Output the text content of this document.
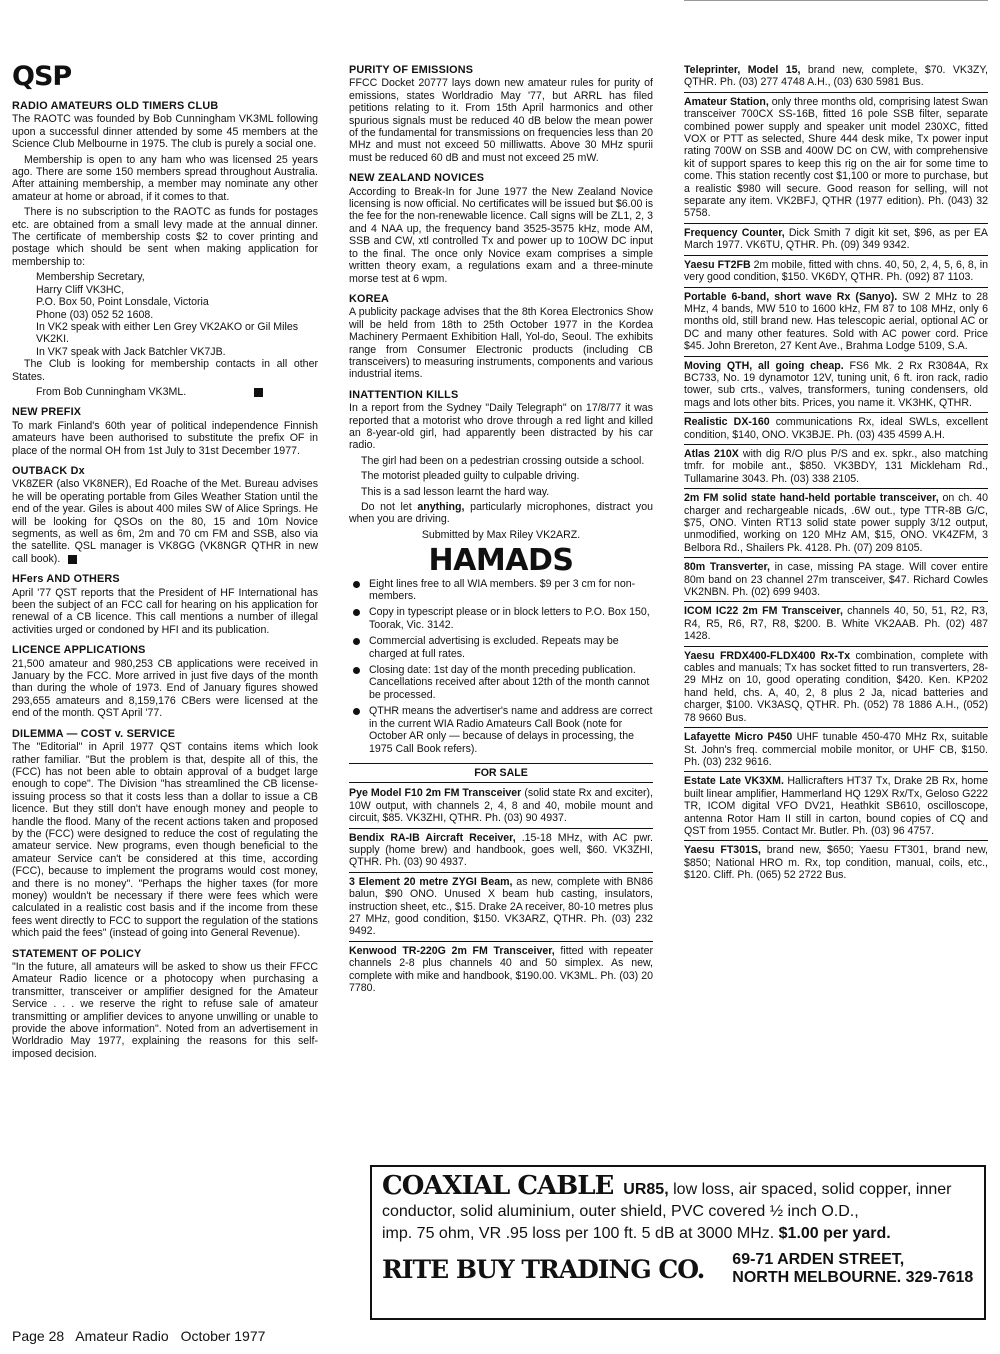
QSP
RADIO AMATEURS OLD TIMERS CLUB

The RAOTC was founded by Bob Cunningham VK3ML following upon a successful dinner attended by some 45 members at the Science Club Melbourne in 1975. The club is purely a social one.

Membership is open to any ham who was licensed 25 years ago. There are some 150 members spread throughout Australia. After attaining membership, a member may nominate any other amateur at home or abroad, if it comes to that.

There is no subscription to the RAOTC as funds for postages etc. are obtained from a small levy made at the annual dinner. The certificate of membership costs $2 to cover printing and postage which should be sent when making application for membership to:

Membership Secretary,
Harry Cliff VK3HC,
P.O. Box 50, Point Lonsdale, Victoria
Phone (03) 052 52 1608.
In VK2 speak with either Len Grey VK2AKO or Gil Miles VK2KI.
In VK7 speak with Jack Batchler VK7JB.

The Club is looking for membership contacts in all other States.

From Bob Cunningham VK3ML.

NEW PREFIX

To mark Finland's 60th year of political independence Finnish amateurs have been authorised to substitute the prefix OF in place of the normal OH from 1st July to 31st December 1977.

OUTBACK Dx

VK8ZER (also VK8NER), Ed Roache of the Met. Bureau advises he will be operating portable from Giles Weather Station until the end of the year. Giles is about 400 miles SW of Alice Springs. He will be looking for QSOs on the 80, 15 and 10m Novice segments, as well as 6m, 2m and 70 cm FM and SSB, also via the satellite. QSL manager is VK8GG (VK8NGR QTHR in new call book).

HFers AND OTHERS

April '77 QST reports that the President of HF International has been the subject of an FCC call for hearing on his application for renewal of a CB licence. This call mentions a number of illegal activities urged or condoned by HFI and its publication.

LICENCE APPLICATIONS

21,500 amateur and 980,253 CB applications were received in January by the FCC. More arrived in just five days of the month than during the whole of 1973. End of January figures showed 293,655 amateurs and 8,159,176 CBers were licensed at the end of the month. QST April '77.

DILEMMA — COST v. SERVICE

The "Editorial" in April 1977 QST contains items which look rather familiar. "But the problem is that, despite all of this, the (FCC) has not been able to obtain approval of a budget large enough to cope". The Division "has streamlined the CB license-issuing process so that it costs less than a dollar to issue a CB licence. But they still don't have enough money and people to handle the flood. Many of the recent actions taken and proposed by the (FCC) were designed to reduce the cost of regulating the amateur service. New programs, even though beneficial to the amateur Service can't be considered at this time, according (FCC), because to implement the programs would cost money, and there is no money". "Perhaps the higher taxes (for more money) wouldn't be necessary if there were fees which were calculated in a realistic cost basis and if the income from these fees went directly to FCC to support the regulation of the stations which paid the fees" (instead of going into General Revenue).

STATEMENT OF POLICY

"In the future, all amateurs will be asked to show us their FFCC Amateur Radio licence or a photocopy when purchasing a transmitter, transceiver or amplifier designed for the Amateur Service . . . we reserve the right to refuse sale of amateur transmitting or amplifier devices to anyone unwilling or unable to provide the above information". Noted from an advertisement in Worldradio May 1977, explaining the reasons for this self-imposed decision.

PURITY OF EMISSIONS

FFCC Docket 20777 lays down new amateur rules for purity of emissions, states Worldradio May '77, but ARRL has filed petitions relating to it. From 15th April harmonics and other spurious signals must be reduced 40 dB below the mean power of the fundamental for transmissions on frequencies less than 20 MHz and must not exceed 50 milliwatts. Above 30 MHz spurii must be reduced 60 dB and must not exceed 25 mW.

NEW ZEALAND NOVICES

According to Break-In for June 1977 the New Zealand Novice licensing is now official. No certificates will be issued but $6.00 is the fee for the non-renewable licence. Call signs will be ZL1, 2, 3 and 4 NAA up, the frequency band 3525-3575 kHz, mode AM, SSB and CW, xtl controlled Tx and power up to 10OW DC input to the final. The once only Novice exam comprises a simple written theory exam, a regulations exam and a three-minute morse test at 6 wpm.

KOREA

A publicity package advises that the 8th Korea Electronics Show will be held from 18th to 25th October 1977 in the Kordea Machinery Permaent Exhibition Hall, Yol-do, Seoul. The exhibits range from Consumer Electronic products (including CB transceivers) to measuring instruments, components and various industrial items.

INATTENTION KILLS

In a report from the Sydney "Daily Telegraph" on 17/8/77 it was reported that a motorist who drove through a red light and killed an 8-year-old girl, had apparently been distracted by his car radio.

The girl had been on a pedestrian crossing outside a school.

The motorist pleaded guilty to culpable driving.

This is a sad lesson learnt the hard way.

Do not let anything, particularly microphones, distract you when you are driving.

Submitted by Max Riley VK2ARZ.

HAMADS
Eight lines free to all WIA members. $9 per 3 cm for non-members.
Copy in typescript please or in block letters to P.O. Box 150, Toorak, Vic. 3142.
Commercial advertising is excluded. Repeats may be charged at full rates.
Closing date: 1st day of the month preceding publication. Cancellations received after about 12th of the month cannot be processed.
QTHR means the advertiser's name and address are correct in the current WIA Radio Amateurs Call Book (note for October AR only — because of delays in processing, the 1975 Call Book refers).
FOR SALE

Pye Model F10 2m FM Transceiver (solid state Rx and exciter), 10W output, with channels 2, 4, 8 and 40, mobile mount and circuit, $85. VK3ZHI, QTHR. Ph. (03) 90 4937.

Bendix RA-IB Aircraft Receiver, .15-18 MHz, with AC pwr. supply (home brew) and handbook, goes well, $60. VK3ZHI, QTHR. Ph. (03) 90 4937.

3 Element 20 metre ZYGI Beam, as new, complete with BN86 balun, $90 ONO. Unused X beam hub casting, insulators, instruction sheet, etc., $15. Drake 2A receiver, 80-10 metres plus 27 MHz, good condition, $150. VK3ARZ, QTHR. Ph. (03) 232 9492.

Kenwood TR-220G 2m FM Transceiver, fitted with repeater channels 2-8 plus channels 40 and 50 simplex. As new, complete with mike and handbook, $190.00. VK3ML. Ph. (03) 20 7780.

Teleprinter, Model 15, brand new, complete, $70. VK3ZY, QTHR. Ph. (03) 277 4748 A.H., (03) 630 5981 Bus.

Amateur Station, only three months old, comprising latest Swan transceiver 700CX SS-16B, fitted 16 pole SSB filter, separate combined power supply and speaker unit model 230XC, fitted VOX or PTT as selected, Shure 444 desk mike, Tx power input rating 700W on SSB and 400W DC on CW, with comprehensive kit of support spares to keep this rig on the air for some time to come. This station recently cost $1,100 or more to purchase, but a realistic $980 will secure. Good reason for selling, will not separate any item. VK2BFJ, QTHR (1977 edition). Ph. (043) 32 5758.

Frequency Counter, Dick Smith 7 digit kit set, $96, as per EA March 1977. VK6TU, QTHR. Ph. (09) 349 9342.

Yaesu FT2FB 2m mobile, fitted with chns. 40, 50, 2, 4, 5, 6, 8, in very good condition, $150. VK6DY, QTHR. Ph. (092) 87 1103.

Portable 6-band, short wave Rx (Sanyo). SW 2 MHz to 28 MHz, 4 bands, MW 510 to 1600 kHz, FM 87 to 108 MHz, only 6 months old, still brand new. Has telescopic aerial, optional AC or DC and many other features. Sold with AC power cord. Price $45. John Brereton, 27 Kent Ave., Brahma Lodge 5109, S.A.

Moving QTH, all going cheap. FS6 Mk. 2 Rx R3084A, Rx BC733, No. 19 dynamotor 12V, tuning unit, 6 ft. iron rack, radio tower, sub crts., valves, transformers, tuning condensers, old mags and lots other bits. Prices, you name it. VK3HK, QTHR.

Realistic DX-160 communications Rx, ideal SWLs, excellent condition, $140, ONO. VK3BJE. Ph. (03) 435 4599 A.H.

Atlas 210X with dig R/O plus P/S and ex. spkr., also matching tmfr. for mobile ant., $850. VK3BDY, 131 Mickleham Rd., Tullamarine 3043. Ph. (03) 338 2105.

2m FM solid state hand-held portable transceiver, on ch. 40 charger and rechargeable nicads, .6W out., type TTR-8B G/C, $75, ONO. Vinten RT13 solid state power supply 3/12 output, unmodified, working on 120 MHz AM, $15, ONO. VK4ZFM, 3 Belbora Rd., Shailers Pk. 4128. Ph. (07) 209 8105.

80m Transverter, in case, missing PA stage. Will cover entire 80m band on 23 channel 27m transceiver, $47. Richard Cowles VK2NBN. Ph. (02) 699 9403.

ICOM IC22 2m FM Transceiver, channels 40, 50, 51, R2, R3, R4, R5, R6, R7, R8, $200. B. White VK2AAB. Ph. (02) 487 1428.

Yaesu FRDX400-FLDX400 Rx-Tx combination, complete with cables and manuals; Tx has socket fitted to run transverters, 28-29 MHz on 10, good operating condition, $420. Ken. KP202 hand held, chs. A, 40, 2, 8 plus 2 Ja, nicad batteries and charger, $100. VK3ASQ, QTHR. Ph. (052) 78 1886 A.H., (052) 78 9660 Bus.

Lafayette Micro P450 UHF tunable 450-470 MHz Rx, suitable St. John's freq. commercial mobile monitor, or UHF CB, $150. Ph. (03) 232 9616.

Estate Late VK3XM. Hallicrafters HT37 Tx, Drake 2B Rx, home built linear amplifier, Hammerland HQ 129X Rx/Tx, Geloso G222 TR, ICOM digital VFO DV21, Heathkit SB610, oscilloscope, antenna Rotor Ham II still in carton, bound copies of CQ and QST from 1955. Contact Mr. Butler. Ph. (03) 96 4757.

Yaesu FT301S, brand new, $650; Yaesu FT301, brand new, $850; National HRO m. Rx, top condition, manual, coils, etc., $120. Cliff. Ph. (065) 52 2722 Bus.

COAXIAL CABLE UR85, low loss, air spaced, solid copper, inner
conductor, solid aluminium, outer shield, PVC covered ½ inch O.D.,
imp. 75 ohm, VR .95 loss per 100 ft. 5 dB at 3000 MHz. $1.00 per yard.
RITE BUY TRADING CO. 69-71 ARDEN STREET,
NORTH MELBOURNE. 329-7618
Page 28 Amateur Radio October 1977
